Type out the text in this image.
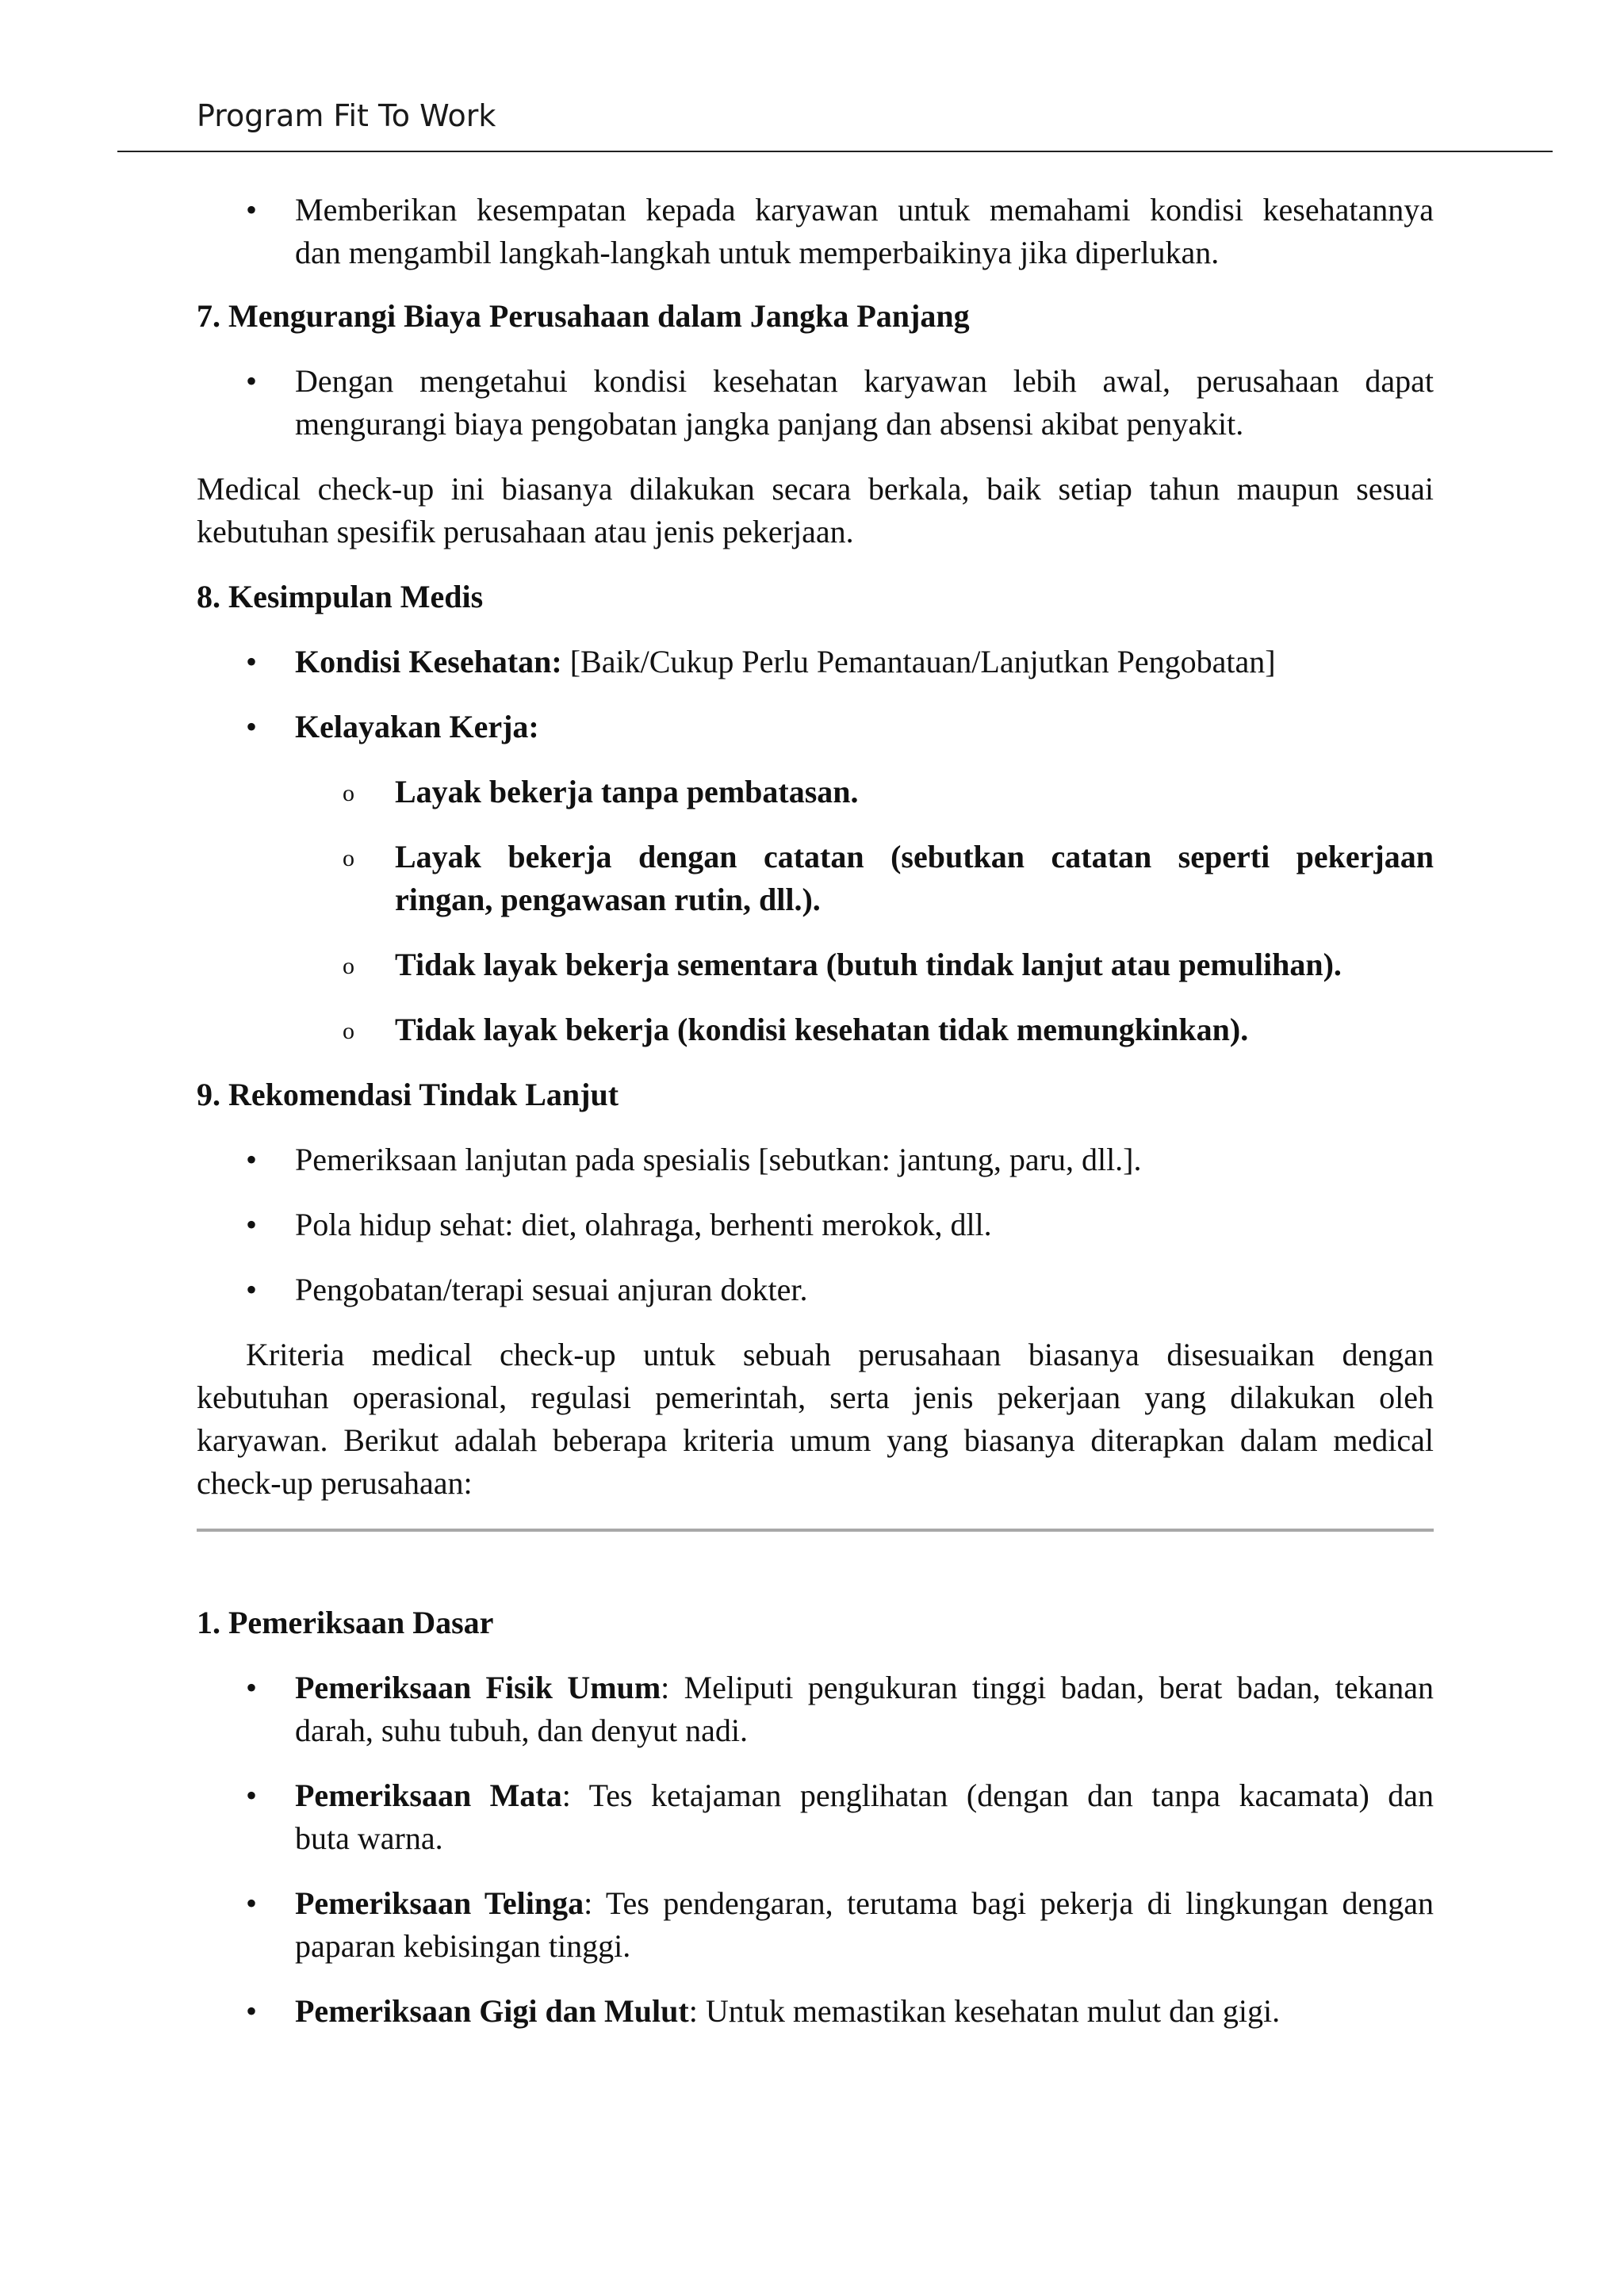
Program Fit To Work
• Memberikan kesempatan kepada karyawan untuk memahami kondisi kesehatannya
dan mengambil langkah-langkah untuk memperbaikinya jika diperlukan.
7. Mengurangi Biaya Perusahaan dalam Jangka Panjang
• Dengan mengetahui kondisi kesehatan karyawan lebih awal, perusahaan dapat
mengurangi biaya pengobatan jangka panjang dan absensi akibat penyakit.
Medical check-up ini biasanya dilakukan secara berkala, baik setiap tahun maupun sesuai
kebutuhan spesifik perusahaan atau jenis pekerjaan.
8. Kesimpulan Medis
• Kondisi Kesehatan: [Baik/Cukup Perlu Pemantauan/Lanjutkan Pengobatan]
• Kelayakan Kerja:
o Layak bekerja tanpa pembatasan.
o Layak bekerja dengan catatan (sebutkan catatan seperti pekerjaan
ringan, pengawasan rutin, dll.).
o Tidak layak bekerja sementara (butuh tindak lanjut atau pemulihan).
o Tidak layak bekerja (kondisi kesehatan tidak memungkinkan).
9. Rekomendasi Tindak Lanjut
• Pemeriksaan lanjutan pada spesialis [sebutkan: jantung, paru, dll.].
• Pola hidup sehat: diet, olahraga, berhenti merokok, dll.
• Pengobatan/terapi sesuai anjuran dokter.
Kriteria medical check-up untuk sebuah perusahaan biasanya disesuaikan dengan
kebutuhan operasional, regulasi pemerintah, serta jenis pekerjaan yang dilakukan oleh
karyawan. Berikut adalah beberapa kriteria umum yang biasanya diterapkan dalam medical
check-up perusahaan:
1. Pemeriksaan Dasar
• Pemeriksaan Fisik Umum: Meliputi pengukuran tinggi badan, berat badan, tekanan
darah, suhu tubuh, dan denyut nadi.
• Pemeriksaan Mata: Tes ketajaman penglihatan (dengan dan tanpa kacamata) dan
buta warna.
• Pemeriksaan Telinga: Tes pendengaran, terutama bagi pekerja di lingkungan dengan
paparan kebisingan tinggi.
• Pemeriksaan Gigi dan Mulut: Untuk memastikan kesehatan mulut dan gigi.
